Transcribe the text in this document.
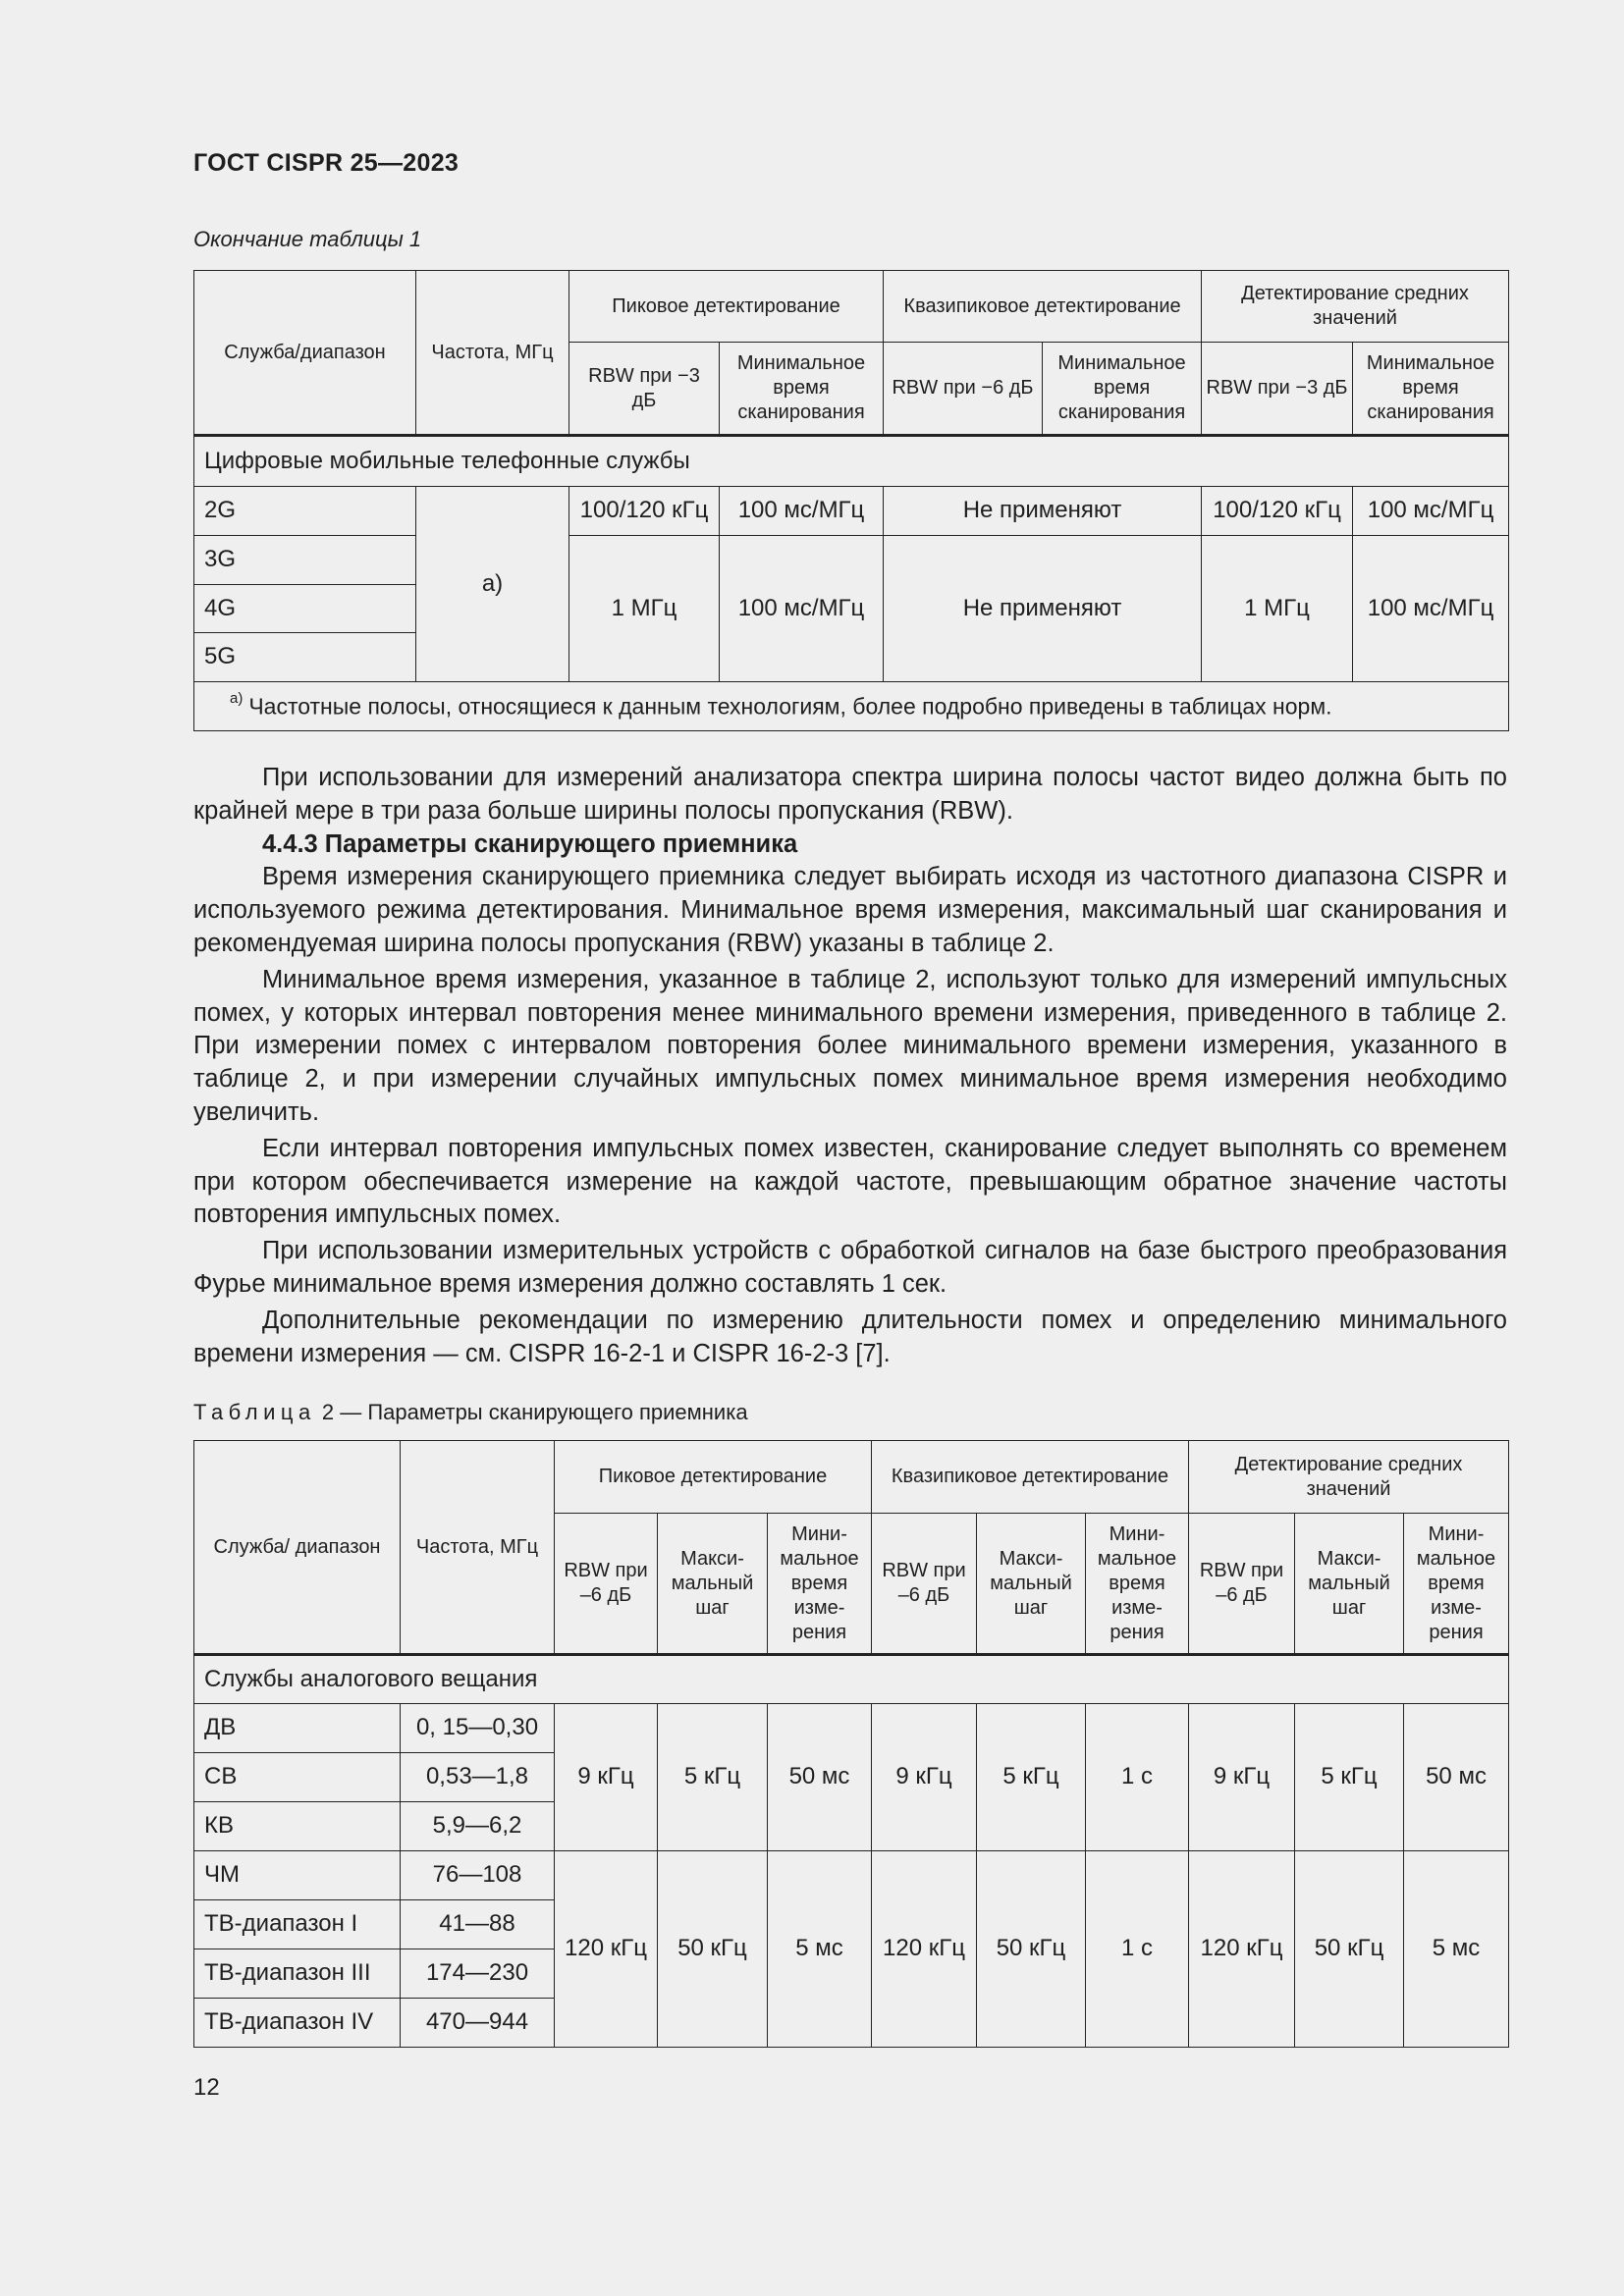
ГОСТ CISPR 25—2023
Окончание таблицы 1
Служба/диапазон	Частота, МГц	Пиковое детектирование		Квазипиковое детектирование		Детектирование средних значений	
		RBW при −3 дБ	Минимальное время сканирования	RBW при −6 дБ	Минимальное время сканирования	RBW при −3 дБ	Минимальное время сканирования
Цифровые мобильные телефонные службы							
2G	a)	100/120 кГц	100 мс/МГц	Не применяют		100/120 кГц	100 мс/МГц
3G		1 МГц	100 мс/МГц	Не применяют		1 МГц	100 мс/МГц
4G							
5G							
$^{a)}$ Частотные полосы, относящиеся к данным технологиям, более подробно приведены в таблицах норм.							

При использовании для измерений анализатора спектра ширина полосы частот видео должна быть по крайней мере в три раза больше ширины полосы пропускания (RBW).

4.4.3 Параметры сканирующего приемника

Время измерения сканирующего приемника следует выбирать исходя из частотного диапазона CISPR и используемого режима детектирования. Минимальное время измерения, максимальный шаг сканирования и рекомендуемая ширина полосы пропускания (RBW) указаны в таблице 2.

Минимальное время измерения, указанное в таблице 2, используют только для измерений импульсных помех, у которых интервал повторения менее минимального времени измерения, приведенного в таблице 2. При измерении помех с интервалом повторения более минимального времени измерения, указанного в таблице 2, и при измерении случайных импульсных помех минимальное время измерения необходимо увеличить.

Если интервал повторения импульсных помех известен, сканирование следует выполнять со временем при котором обеспечивается измерение на каждой частоте, превышающим обратное значение частоты повторения импульсных помех.

При использовании измерительных устройств с обработкой сигналов на базе быстрого преобразования Фурье минимальное время измерения должно составлять 1 сек.

Дополнительные рекомендации по измерению длительности помех и определению минимального времени измерения — см. CISPR 16-2-1 и CISPR 16-2-3 [7].

Таблица 2 — Параметры сканирующего приемника
Служба/ диапазон	Частота, МГц	Пиковое детектирование			Квазипиковое детектирование			Детектирование средних значений		
		RBW при –6 дБ	Макси-мальный шаг	Мини-мальное время изме-рения	RBW при –6 дБ	Макси-мальный шаг	Мини-мальное время изме-рения	RBW при –6 дБ	Макси-мальный шаг	Мини-мальное время изме-рения
Службы аналогового вещания										
ДВ	0, 15—0,30	9 кГц	5 кГц	50 мс	9 кГц	5 кГц	1 с	9 кГц	5 кГц	50 мс
СВ	0,53—1,8									
КВ	5,9—6,2									
ЧМ	76—108	120 кГц	50 кГц	5 мс	120 кГц	50 кГц	1 с	120 кГц	50 кГц	5 мс
ТВ-диапазон I	41—88									
ТВ-диапазон III	174—230									
ТВ-диапазон IV	470—944									
12
